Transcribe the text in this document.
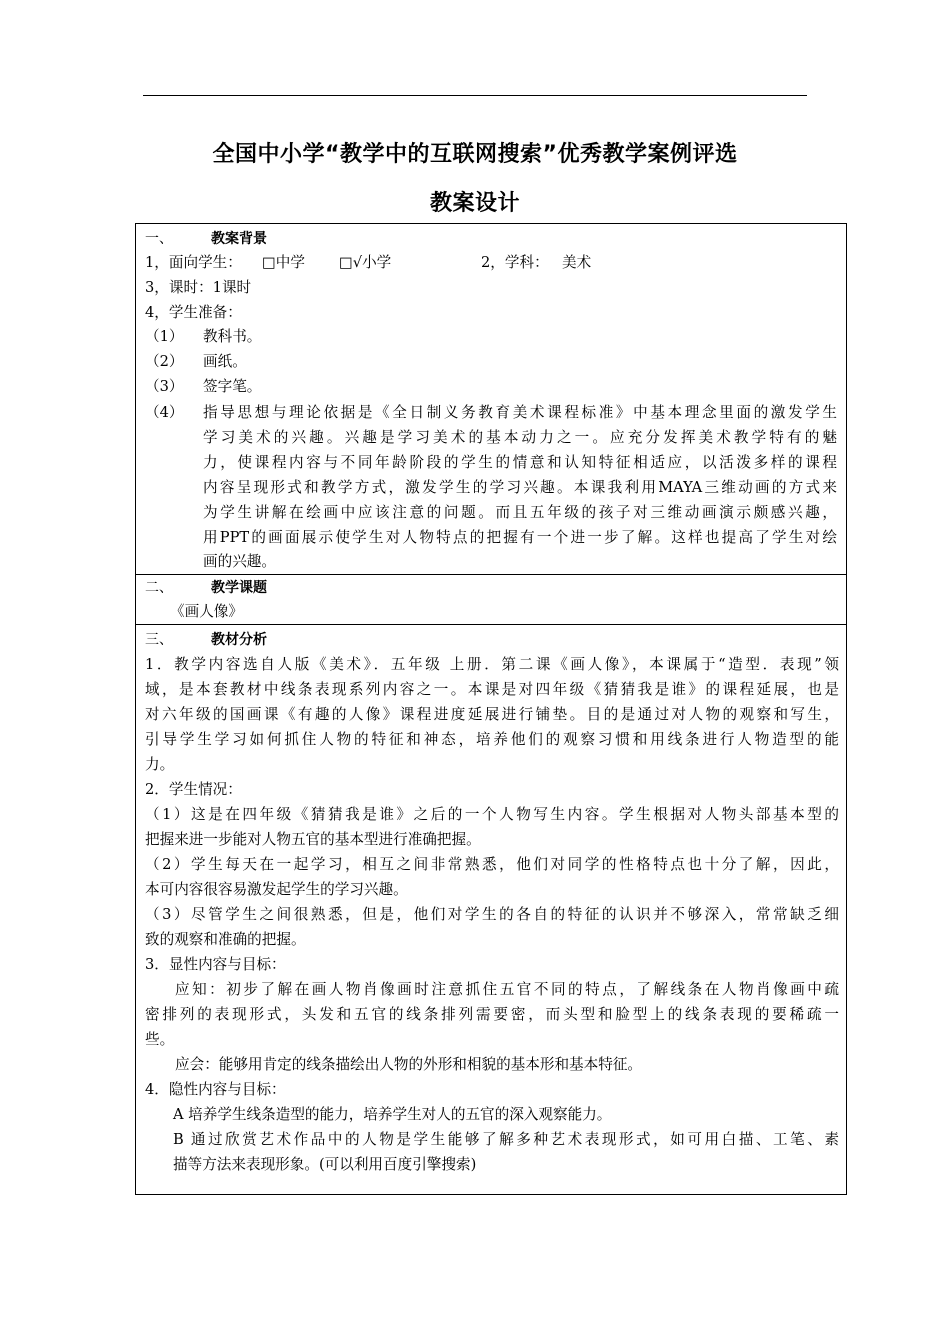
全国中小学“教学中的互联网搜索”优秀教学案例评选
教案设计
一、	教案背景
1，面向学生： □中学 □√小学	2，学科： 美术
3，课时：1课时
4，学生准备：
（1） 教科书。
（2） 画纸。
（3） 签字笔。
（4） 指导思想与理论依据是《全日制义务教育美术课程标准》中基本理念里面的激发学生
学习美术的兴趣。兴趣是学习美术的基本动力之一。应充分发挥美术教学特有的魅
力，使课程内容与不同年龄阶段的学生的情意和认知特征相适应，以活泼多样的课程
内容呈现形式和教学方式，激发学生的学习兴趣。本课我利用MAYA三维动画的方式来
为学生讲解在绘画中应该注意的问题。而且五年级的孩子对三维动画演示颇感兴趣，
用PPT的画面展示使学生对人物特点的把握有一个进一步了解。这样也提高了学生对绘
画的兴趣。
二、	教学课题
《画人像》
三、	教材分析
1．教学内容选自人版《美术》．五年级 上册．第二课《画人像》，本课属于“造型．表现”领
域，是本套教材中线条表现系列内容之一。本课是对四年级《猜猜我是谁》的课程延展，也是
对六年级的国画课《有趣的人像》课程进度延展进行铺垫。目的是通过对人物的观察和写生，
引导学生学习如何抓住人物的特征和神态，培养他们的观察习惯和用线条进行人物造型的能
力。
2．学生情况：
（1）这是在四年级《猜猜我是谁》之后的一个人物写生内容。学生根据对人物头部基本型的
把握来进一步能对人物五官的基本型进行准确把握。
（2）学生每天在一起学习，相互之间非常熟悉，他们对同学的性格特点也十分了解，因此，
本可内容很容易激发起学生的学习兴趣。
（3）尽管学生之间很熟悉，但是，他们对学生的各自的特征的认识并不够深入，常常缺乏细
致的观察和准确的把握。
3．显性内容与目标：
应知：初步了解在画人物肖像画时注意抓住五官不同的特点，了解线条在人物肖像画中疏
密排列的表现形式，头发和五官的线条排列需要密，而头型和脸型上的线条表现的要稀疏一
些。
应会：能够用肯定的线条描绘出人物的外形和相貌的基本形和基本特征。
4．隐性内容与目标：
A 培养学生线条造型的能力，培养学生对人的五官的深入观察能力。
B 通过欣赏艺术作品中的人物是学生能够了解多种艺术表现形式，如可用白描、工笔、素
描等方法来表现形象。(可以利用百度引擎搜索)
